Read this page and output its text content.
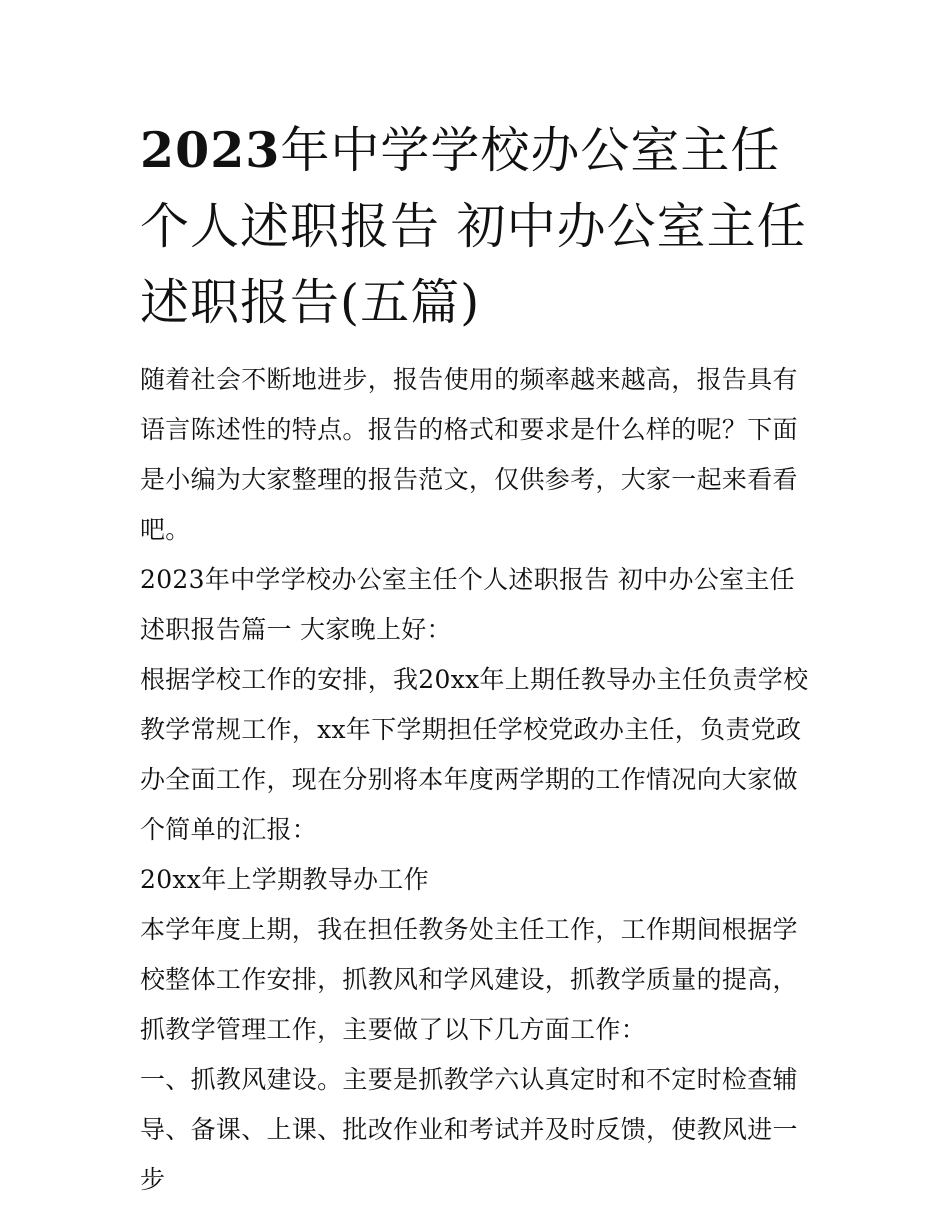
2023年中学学校办公室主任个人述职报告 初中办公室主任述职报告(五篇)

随着社会不断地进步，报告使用的频率越来越高，报告具有语言陈述性的特点。报告的格式和要求是什么样的呢？下面是小编为大家整理的报告范文，仅供参考，大家一起来看看吧。

2023年中学学校办公室主任个人述职报告 初中办公室主任述职报告篇一 大家晚上好：

根据学校工作的安排，我20xx年上期任教导办主任负责学校教学常规工作，xx年下学期担任学校党政办主任，负责党政办全面工作，现在分别将本年度两学期的工作情况向大家做个简单的汇报：

20xx年上学期教导办工作

本学年度上期，我在担任教务处主任工作，工作期间根据学校整体工作安排，抓教风和学风建设，抓教学质量的提高，抓教学管理工作，主要做了以下几方面工作：

一、抓教风建设。主要是抓教学六认真定时和不定时检查辅导、备课、上课、批改作业和考试并及时反馈，使教风进一步
